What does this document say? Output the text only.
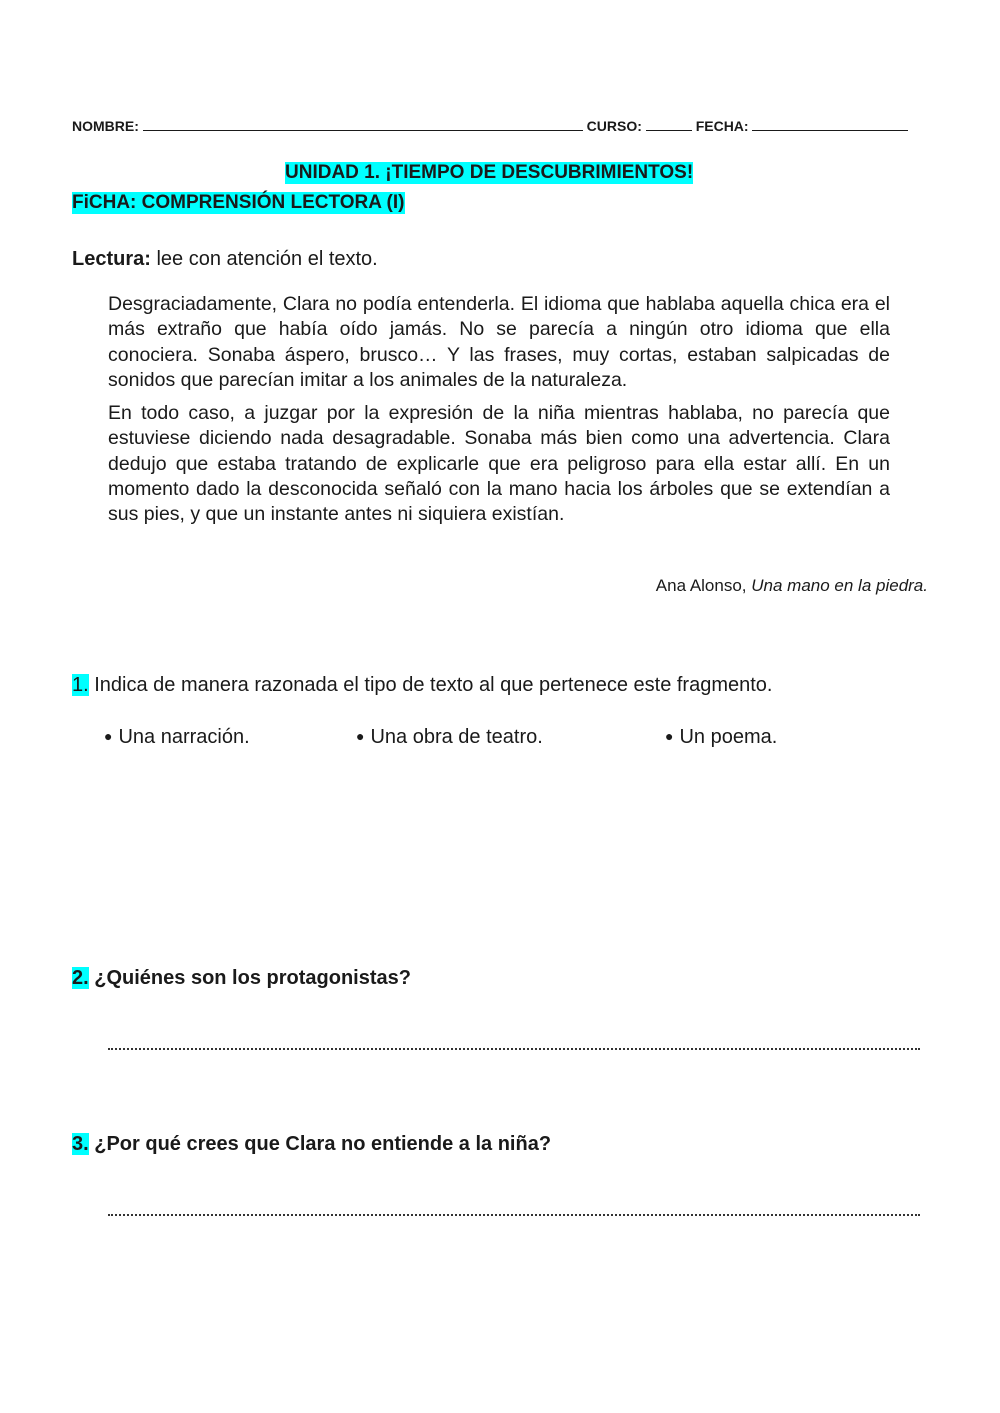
NOMBRE:	CURSO:	FECHA:
UNIDAD 1. ¡TIEMPO DE DESCUBRIMIENTOS!
FiCHA: COMPRENSIÓN LECTORA (I)
Lectura: lee con atención el texto.

Desgraciadamente, Clara no podía entenderla. El idioma que hablaba aquella chica era el más extraño que había oído jamás. No se parecía a ningún otro idioma que ella conociera. Sonaba áspero, brusco… Y las frases, muy cortas, estaban salpicadas de sonidos que parecían imitar a los animales de la naturaleza.

En todo caso, a juzgar por la expresión de la niña mientras hablaba, no parecía que estuviese diciendo nada desagradable. Sonaba más bien como una advertencia. Clara dedujo que estaba tratando de explicarle que era peligroso para ella estar allí. En un momento dado la desconocida señaló con la mano hacia los árboles que se extendían a sus pies, y que un instante antes ni siquiera existían.

Ana Alonso, Una mano en la piedra.
1. Indica de manera razonada el tipo de texto al que pertenece este fragmento.
● Una narración.	● Una obra de teatro.	● Un poema.
2. ¿Quiénes son los protagonistas?
3. ¿Por qué crees que Clara no entiende a la niña?
